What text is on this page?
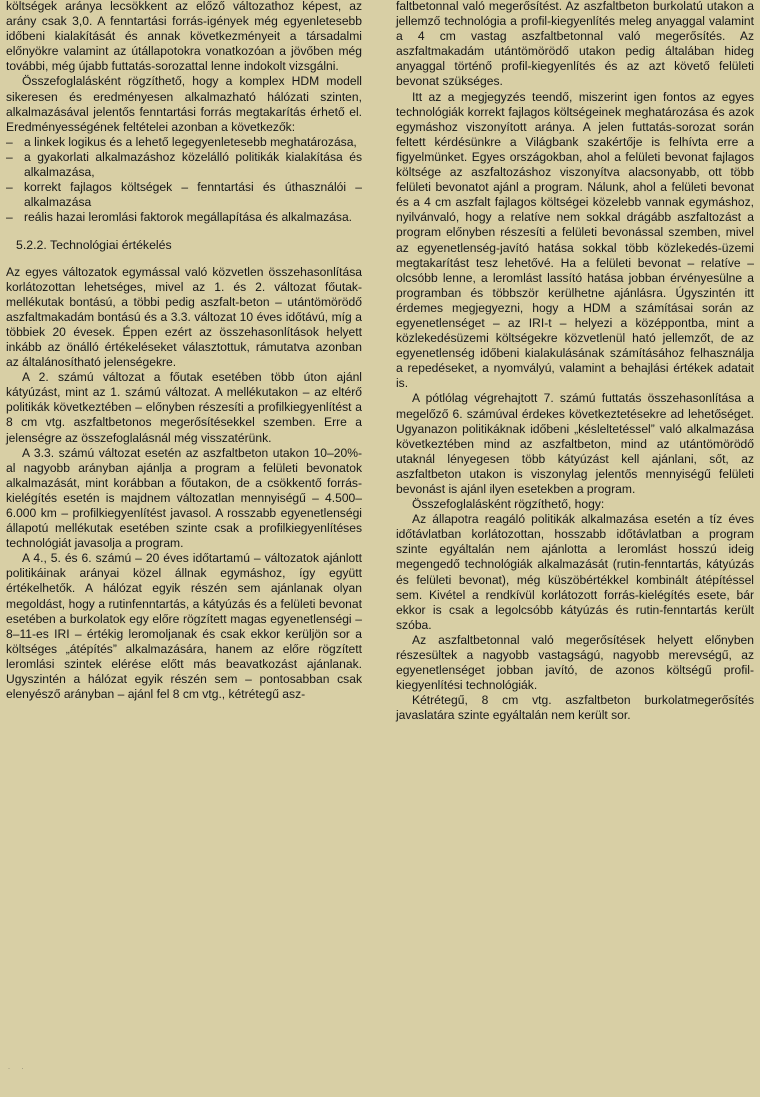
költségek aránya lecsökkent az előző változathoz képest, az arány csak 3,0. A fenntartási forrás-igények még egyenletesebb időbeni kialakítását és annak következményeit a társadalmi előnyökre valamint az útállapotokra vonatkozóan a jövőben még további, még újabb futtatás-sorozattal lenne indokolt vizsgálni.

Összefoglalásként rögzíthető, hogy a komplex HDM modell sikeresen és eredményesen alkalmazható hálózati szinten, alkalmazásával jelentős fenntartási forrás megtakarítás érhető el. Eredményességének feltételei azonban a következők:

– a linkek logikus és a lehető legegyenletesebb meghatározása,
– a gyakorlati alkalmazáshoz közelálló politikák kialakítása és alkalmazása,
– korrekt fajlagos költségek – fenntartási és úthasználói – alkalmazása
– reális hazai leromlási faktorok megállapítása és alkalmazása.
5.2.2. Technológiai értékelés

Az egyes változatok egymással való közvetlen összehasonlítása korlátozottan lehetséges, mivel az 1. és 2. változat főutak-mellékutak bontású, a többi pedig aszfalt-beton – utántömörödő aszfaltmakadám bontású és a 3.3. változat 10 éves időtávú, míg a többiek 20 évesek. Éppen ezért az összehasonlítások helyett inkább az önálló értékeléseket választottuk, rámutatva azonban az általánosítható jelenségekre.

A 2. számú változat a főutak esetében több úton ajánl kátyúzást, mint az 1. számú változat. A mellékutakon – az eltérő politikák következtében – előnyben részesíti a profilkiegyenlítést a 8 cm vtg. aszfaltbetonos megerősítésekkel szemben. Erre a jelenségre az összefoglalásnál még visszatérünk.

A 3.3. számú változat esetén az aszfaltbeton utakon 10–20%-al nagyobb arányban ajánlja a program a felületi bevonatok alkalmazását, mint korábban a főutakon, de a csökkentő forrás-kielégítés esetén is majdnem változatlan mennyiségű – 4.500–6.000 km – profilkiegyenlítést javasol. A rosszabb egyenetlenségi állapotú mellékutak esetében szinte csak a profilkiegyenlítéses technológiát javasolja a program.

A 4., 5. és 6. számú – 20 éves időtartamú – változatok ajánlott politikáinak arányai közel állnak egymáshoz, így együtt értékelhetők. A hálózat egyik részén sem ajánlanak olyan megoldást, hogy a rutinfenntartás, a kátyúzás és a felületi bevonat esetében a burkolatok egy előre rögzített magas egyenetlenségi – 8–11-es IRI – értékig leromoljanak és csak ekkor kerüljön sor a költséges „átépítés” alkalmazására, hanem az előre rögzített leromlási szintek elérése előtt más beavatkozást ajánlanak. Ugyszintén a hálózat egyik részén sem – pontosabban csak elenyésző arányban – ajánl fel 8 cm vtg., kétrétegű asz-

faltbetonnal való megerősítést. Az aszfaltbeton burkolatú utakon a jellemző technológia a profil-kiegyenlítés meleg anyaggal valamint a 4 cm vastag aszfaltbetonnal való megerősítés. Az aszfaltmakadám utántömörödő utakon pedig általában hideg anyaggal történő profil-kiegyenlítés és az azt követő felületi bevonat szükséges.

Itt az a megjegyzés teendő, miszerint igen fontos az egyes technológiák korrekt fajlagos költségeinek meghatározása és azok egymáshoz viszonyított aránya. A jelen futtatás-sorozat során feltett kérdésünkre a Világbank szakértője is felhívta erre a figyelmünket. Egyes országokban, ahol a felületi bevonat fajlagos költsége az aszfaltozáshoz viszonyítva alacsonyabb, ott több felületi bevonatot ajánl a program. Nálunk, ahol a felületi bevonat és a 4 cm aszfalt fajlagos költségei közelebb vannak egymáshoz, nyilvánvaló, hogy a relatíve nem sokkal drágább aszfaltozást a program előnyben részesíti a felületi bevonással szemben, mivel az egyenetlenség-javító hatása sokkal több közlekedés-üzemi megtakarítást tesz lehetővé. Ha a felületi bevonat – relatíve – olcsóbb lenne, a leromlást lassító hatása jobban érvényesülne a programban és többször kerülhetne ajánlásra. Úgyszintén itt érdemes megjegyezni, hogy a HDM a számításai során az egyenetlenséget – az IRI-t – helyezi a középpontba, mint a közlekedésüzemi költségekre közvetlenül ható jellemzőt, de az egyenetlenség időbeni kialakulásának számításához felhasználja a repedéseket, a nyomvályú, valamint a behajlási értékek adatait is.

A pótlólag végrehajtott 7. számú futtatás összehasonlítása a megelőző 6. számúval érdekes következtetésekre ad lehetőséget. Ugyanazon politikáknak időbeni „késleltetéssel” való alkalmazása következtében mind az aszfaltbeton, mind az utántömörödő utaknál lényegesen több kátyúzást kell ajánlani, sőt, az aszfaltbeton utakon is viszonylag jelentős mennyiségű felületi bevonást is ajánl ilyen esetekben a program.

Összefoglalásként rögzíthető, hogy:

Az állapotra reagáló politikák alkalmazása esetén a tíz éves időtávlatban korlátozottan, hosszabb időtávlatban a program szinte egyáltalán nem ajánlotta a leromlást hosszú ideig megengedő technológiák alkalmazását (rutin-fenntartás, kátyúzás és felületi bevonat), még küszöbértékkel kombinált átépítéssel sem. Kivétel a rendkívül korlátozott forrás-kielégítés esete, bár ekkor is csak a legolcsóbb kátyúzás és rutin-fenntartás került szóba.

Az aszfaltbetonnal való megerősítések helyett előnyben részesültek a nagyobb vastagságú, nagyobb merevségű, az egyenetlenséget jobban javító, de azonos költségű profil-kiegyenlítési technológiák.

Kétrétegű, 8 cm vtg. aszfaltbeton burkolatmegerősítés javaslatára szinte egyáltalán nem került sor.

· ·
